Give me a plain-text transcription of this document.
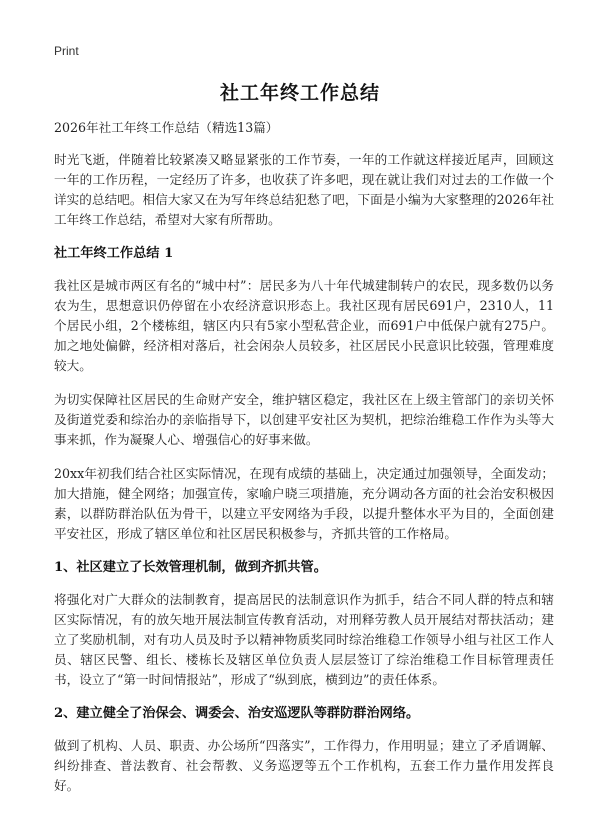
Print
社工年终工作总结
2026年社工年终工作总结（精选13篇）

时光飞逝，伴随着比较紧凑又略显紧张的工作节奏，一年的工作就这样接近尾声，回顾这一年的工作历程，一定经历了许多，也收获了许多吧，现在就让我们对过去的工作做一个详实的总结吧。相信大家又在为写年终总结犯愁了吧，下面是小编为大家整理的2026年社工年终工作总结，希望对大家有所帮助。

社工年终工作总结 1

我社区是城市两区有名的“城中村”：居民多为八十年代城建制转户的农民，现多数仍以务农为生，思想意识仍停留在小农经济意识形态上。我社区现有居民691户，2310人，11个居民小组，2个楼栋组，辖区内只有5家小型私营企业，而691户中低保户就有275户。加之地处偏僻，经济相对落后，社会闲杂人员较多，社区居民小民意识比较强，管理难度较大。

为切实保障社区居民的生命财产安全，维护辖区稳定，我社区在上级主管部门的亲切关怀及街道党委和综治办的亲临指导下，以创建平安社区为契机，把综治维稳工作作为头等大事来抓，作为凝聚人心、增强信心的好事来做。

20xx年初我们结合社区实际情况，在现有成绩的基础上，决定通过加强领导，全面发动；加大措施，健全网络；加强宣传，家喻户晓三项措施，充分调动各方面的社会治安积极因素，以群防群治队伍为骨干，以建立平安网络为手段，以提升整体水平为目的，全面创建平安社区，形成了辖区单位和社区居民积极参与，齐抓共管的工作格局。

1、社区建立了长效管理机制，做到齐抓共管。

将强化对广大群众的法制教育，提高居民的法制意识作为抓手，结合不同人群的特点和辖区实际情况，有的放矢地开展法制宣传教育活动，对刑释劳教人员开展结对帮扶活动；建立了奖励机制，对有功人员及时予以精神物质奖同时综治维稳工作领导小组与社区工作人员、辖区民警、组长、楼栋长及辖区单位负责人层层签订了综治维稳工作目标管理责任书，设立了“第一时间情报站”，形成了“纵到底，横到边”的责任体系。

2、建立健全了治保会、调委会、治安巡逻队等群防群治网络。

做到了机构、人员、职责、办公场所“四落实”，工作得力，作用明显；建立了矛盾调解、纠纷排查、普法教育、社会帮教、义务巡逻等五个工作机构，五套工作力量作用发挥良好。
